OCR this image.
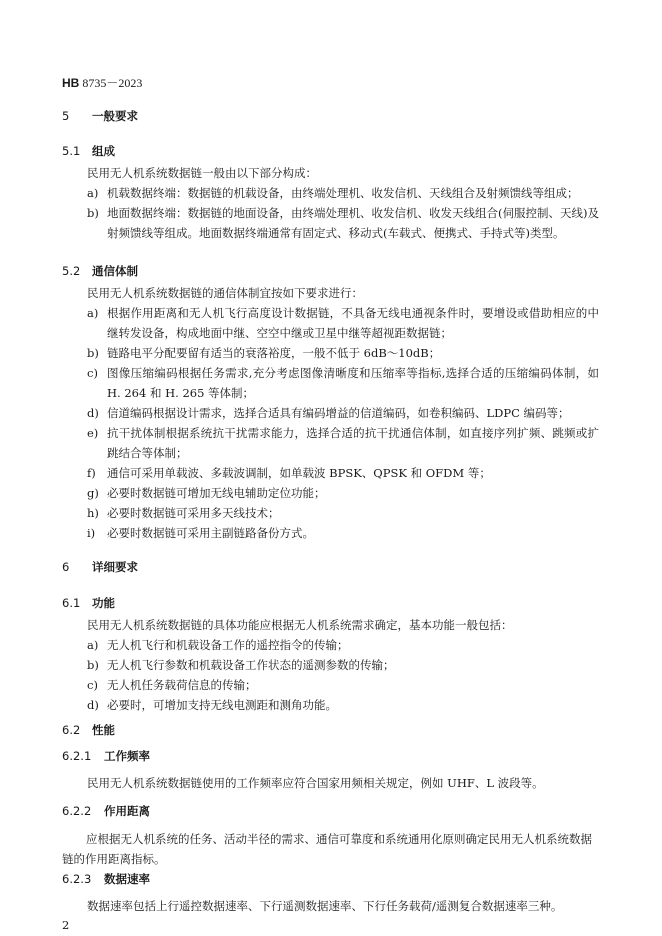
HB 8735－2023
5 一般要求
5.1 组成
民用无人机系统数据链一般由以下部分构成：
a) 机载数据终端：数据链的机载设备，由终端处理机、收发信机、天线组合及射频馈线等组成；
b) 地面数据终端：数据链的地面设备，由终端处理机、收发信机、收发天线组合(伺服控制、天线)及射频馈线等组成。地面数据终端通常有固定式、移动式(车载式、便携式、手持式等)类型。
5.2 通信体制
民用无人机系统数据链的通信体制宜按如下要求进行：
a) 根据作用距离和无人机飞行高度设计数据链，不具备无线电通视条件时，要增设或借助相应的中继转发设备，构成地面中继、空空中继或卫星中继等超视距数据链；
b) 链路电平分配要留有适当的衰落裕度，一般不低于 6dB～10dB；
c) 图像压缩编码根据任务需求,充分考虑图像清晰度和压缩率等指标,选择合适的压缩编码体制，如 H. 264 和 H. 265 等体制；
d) 信道编码根据设计需求，选择合适具有编码增益的信道编码，如卷积编码、LDPC 编码等；
e) 抗干扰体制根据系统抗干扰需求能力，选择合适的抗干扰通信体制，如直接序列扩频、跳频或扩跳结合等体制；
f) 通信可采用单载波、多载波调制，如单载波 BPSK、QPSK 和 OFDM 等；
g) 必要时数据链可增加无线电辅助定位功能；
h) 必要时数据链可采用多天线技术；
i)	必要时数据链可采用主副链路备份方式。
6 详细要求
6.1 功能
民用无人机系统数据链的具体功能应根据无人机系统需求确定，基本功能一般包括：
a) 无人机飞行和机载设备工作的遥控指令的传输；
b) 无人机飞行参数和机载设备工作状态的遥测参数的传输；
c) 无人机任务载荷信息的传输；
d) 必要时，可增加支持无线电测距和测角功能。
6.2 性能
6.2.1 工作频率
民用无人机系统数据链使用的工作频率应符合国家用频相关规定，例如 UHF、L 波段等。
6.2.2 作用距离
应根据无人机系统的任务、活动半径的需求、通信可靠度和系统通用化原则确定民用无人机系统数据链的作用距离指标。
6.2.3 数据速率
数据速率包括上行遥控数据速率、下行遥测数据速率、下行任务载荷/遥测复合数据速率三种。
2
